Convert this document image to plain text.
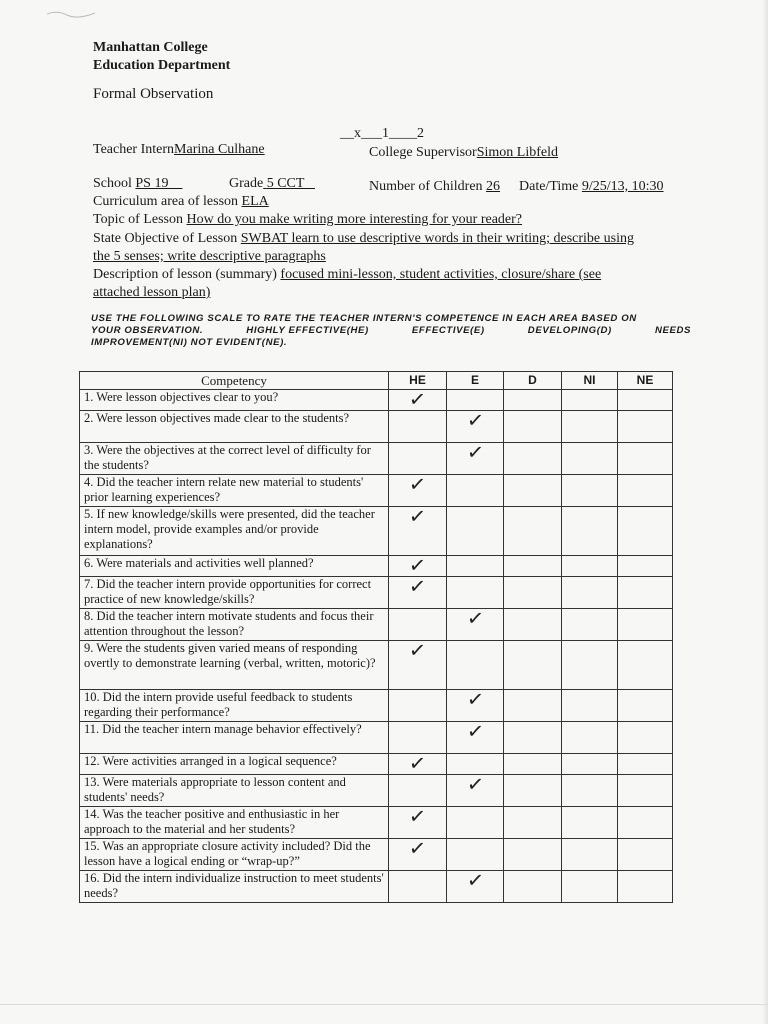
Manhattan College
Education Department
Formal Observation
__x___1____2
Teacher InternMarina Culhane	College SupervisorSimon Libfeld
School PS 19	Grade 5 CCT	Number of Children 26 Date/Time 9/25/13, 10:30
Curriculum area of lesson ELA
Topic of Lesson How do you make writing more interesting for your reader?
State Objective of Lesson SWBAT learn to use descriptive words in their writing; describe using
the 5 senses; write descriptive paragraphs
Description of lesson (summary) focused mini-lesson, student activities, closure/share (see
attached lesson plan)
USE THE FOLLOWING SCALE TO RATE THE TEACHER INTERN'S COMPETENCE IN EACH AREA BASED ON
YOUR OBSERVATION.	HIGHLY EFFECTIVE(HE)	EFFECTIVE(E)	DEVELOPING(D)	NEEDS
IMPROVEMENT(NI) NOT EVIDENT(NE).
Competency	HE	E	D	NI	NE
1. Were lesson objectives clear to you?	✓				
2. Were lesson objectives made clear to the students?		✓			
3. Were the objectives at the correct level of difficulty for the students?		✓			
4. Did the teacher intern relate new material to students' prior learning experiences?	✓				
5. If new knowledge/skills were presented, did the teacher intern model, provide examples and/or provide explanations?	✓				
6. Were materials and activities well planned?	✓				
7. Did the teacher intern provide opportunities for correct practice of new knowledge/skills?	✓				
8. Did the teacher intern motivate students and focus their attention throughout the lesson?		✓			
9. Were the students given varied means of responding overtly to demonstrate learning (verbal, written, motoric)?	✓				
10. Did the intern provide useful feedback to students regarding their performance?		✓			
11. Did the teacher intern manage behavior effectively?		✓			
12. Were activities arranged in a logical sequence?	✓				
13. Were materials appropriate to lesson content and students' needs?		✓			
14. Was the teacher positive and enthusiastic in her approach to the material and her students?	✓				
15. Was an appropriate closure activity included? Did the lesson have a logical ending or “wrap-up?”	✓				
16. Did the intern individualize instruction to meet students' needs?		✓			
